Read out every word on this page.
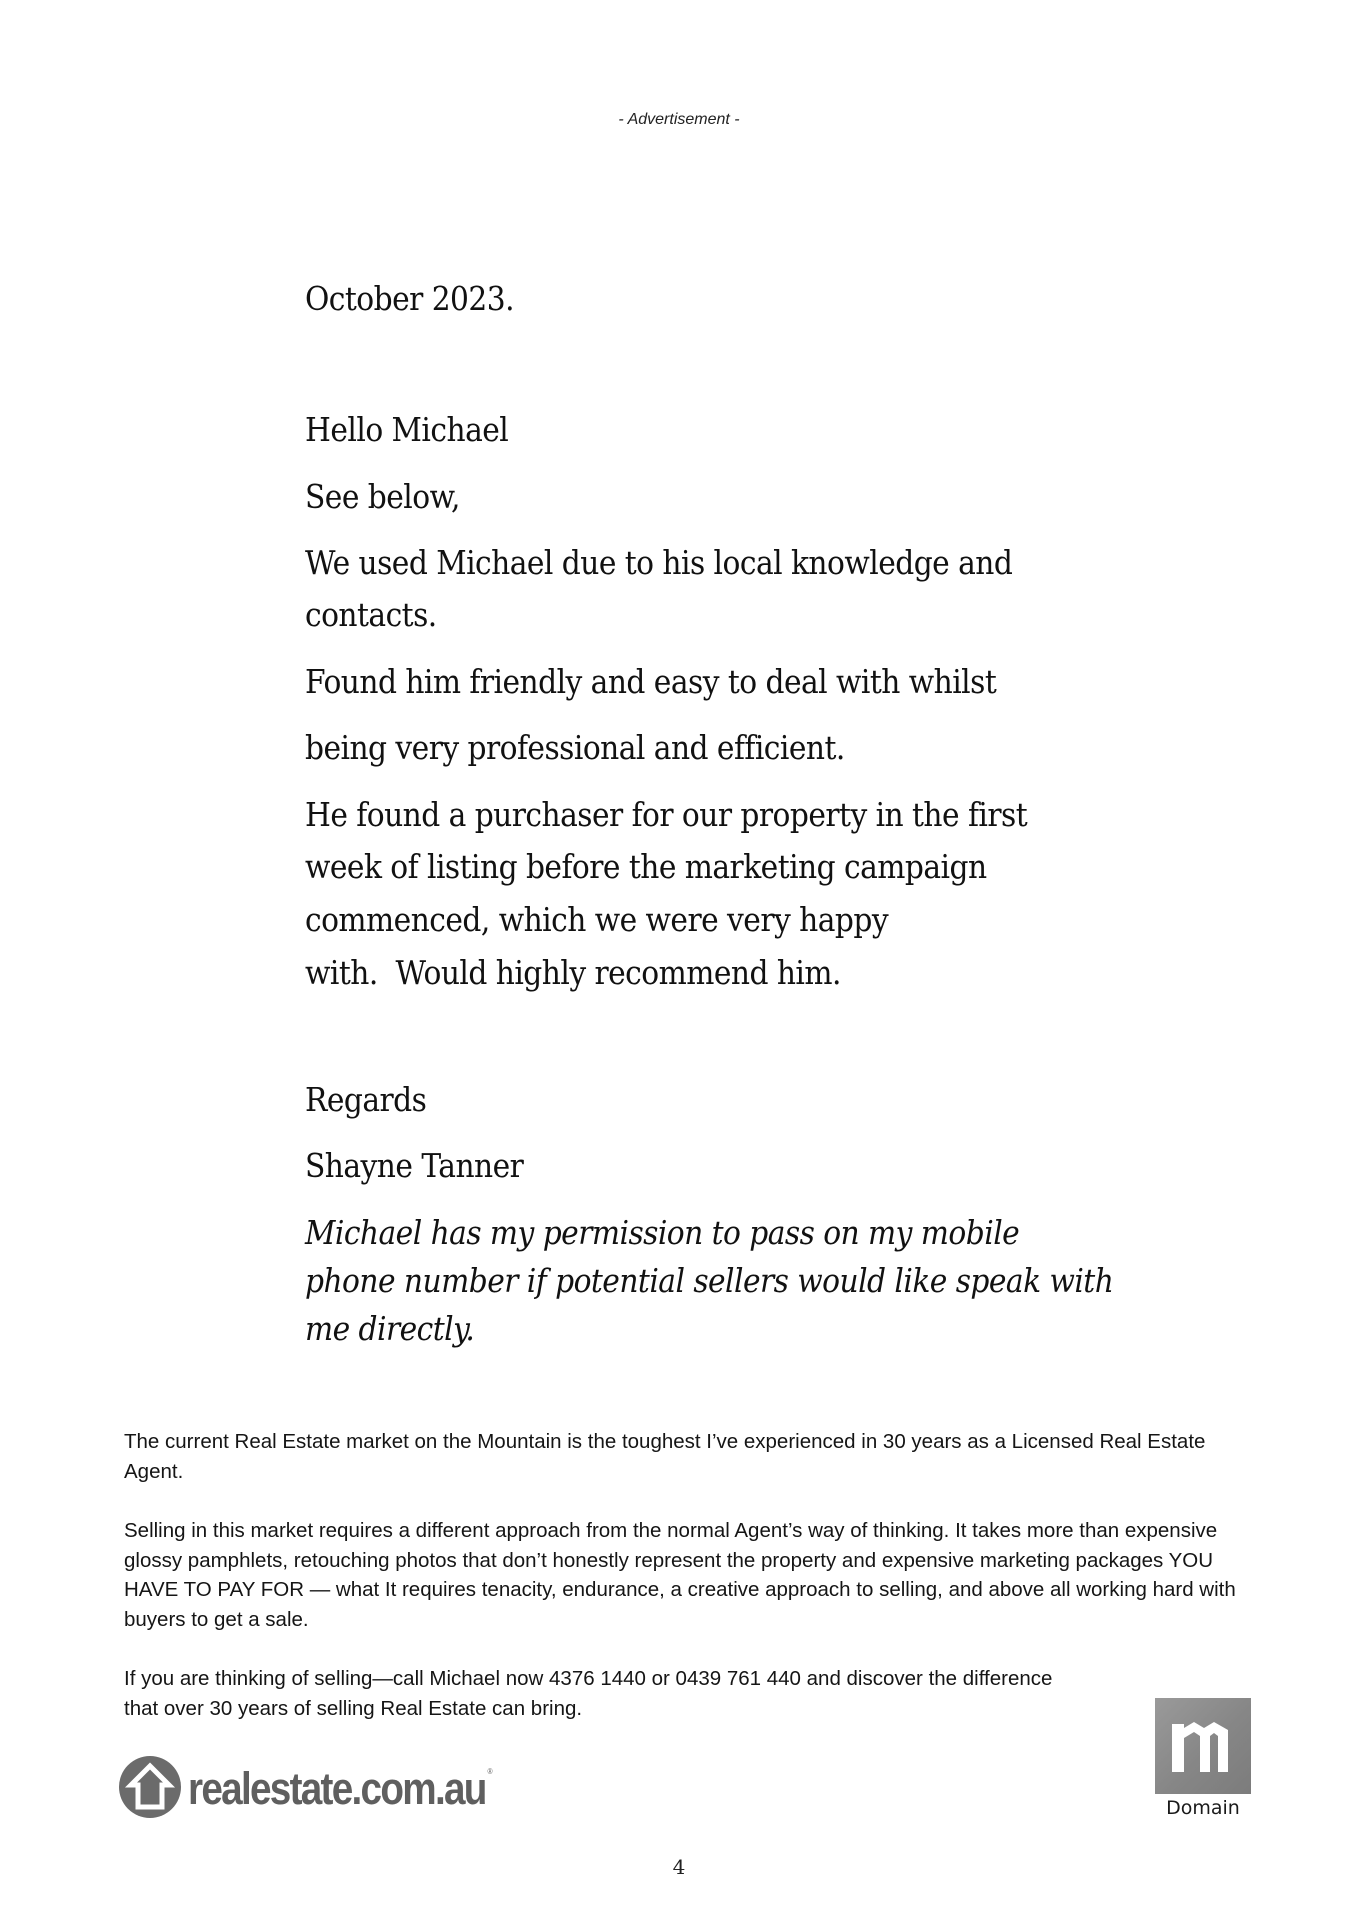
- Advertisement -
October 2023.
Hello Michael
See below,
We used Michael due to his local knowledge and
contacts.
Found him friendly and easy to deal with whilst
being very professional and efficient.
He found a purchaser for our property in the first
week of listing before the marketing campaign
commenced, which we were very happy
with.  Would highly recommend him.
Regards
Shayne Tanner
Michael has my permission to pass on my mobile
phone number if potential sellers would like speak with
me directly.

The current Real Estate market on the Mountain is the toughest I’ve experienced in 30 years as a Licensed Real Estate Agent.

Selling in this market requires a different approach from the normal Agent’s way of thinking. It takes more than expensive glossy pamphlets, retouching photos that don’t honestly represent the property and expensive marketing packages YOU HAVE TO PAY FOR — what It requires tenacity, endurance, a creative approach to selling, and above all working hard with buyers to get a sale.

If you are thinking of selling—call Michael now 4376 1440 or 0439 761 440 and discover the difference that over 30 years of selling Real Estate can bring.

realestate.com.au ®
Domain
4
